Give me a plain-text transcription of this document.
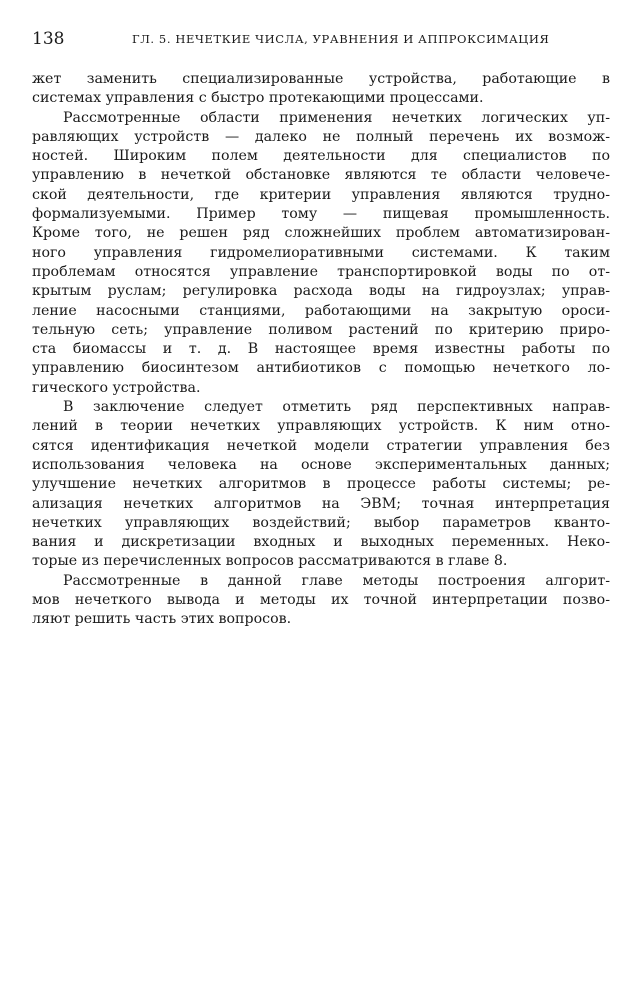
138	ГЛ. 5. НЕЧЕТКИЕ ЧИСЛА, УРАВНЕНИЯ И АППРОКСИМАЦИЯ
жет заменить специализированные устройства, работающие в
системах управления с быстро протекающими процессами.
Рассмотренные области применения нечетких логических уп-
равляющих устройств — далеко не полный перечень их возмож-
ностей. Широким полем деятельности для специалистов по
управлению в нечеткой обстановке являются те области человече-
ской деятельности, где критерии управления являются трудно-
формализуемыми. Пример тому — пищевая промышленность.
Кроме того, не решен ряд сложнейших проблем автоматизирован-
ного управления гидромелиоративными системами. К таким
проблемам относятся управление транспортировкой воды по от-
крытым руслам; регулировка расхода воды на гидроузлах; управ-
ление насосными станциями, работающими на закрытую ороси-
тельную сеть; управление поливом растений по критерию приро-
ста биомассы и т. д. В настоящее время известны работы по
управлению биосинтезом антибиотиков с помощью нечеткого ло-
гического устройства.
В заключение следует отметить ряд перспективных направ-
лений в теории нечетких управляющих устройств. К ним отно-
сятся идентификация нечеткой модели стратегии управления без
использования человека на основе экспериментальных данных;
улучшение нечетких алгоритмов в процессе работы системы; ре-
ализация нечетких алгоритмов на ЭВМ; точная интерпретация
нечетких управляющих воздействий; выбор параметров кванто-
вания и дискретизации входных и выходных переменных. Неко-
торые из перечисленных вопросов рассматриваются в главе 8.
Рассмотренные в данной главе методы построения алгорит-
мов нечеткого вывода и методы их точной интерпретации позво-
ляют решить часть этих вопросов.
